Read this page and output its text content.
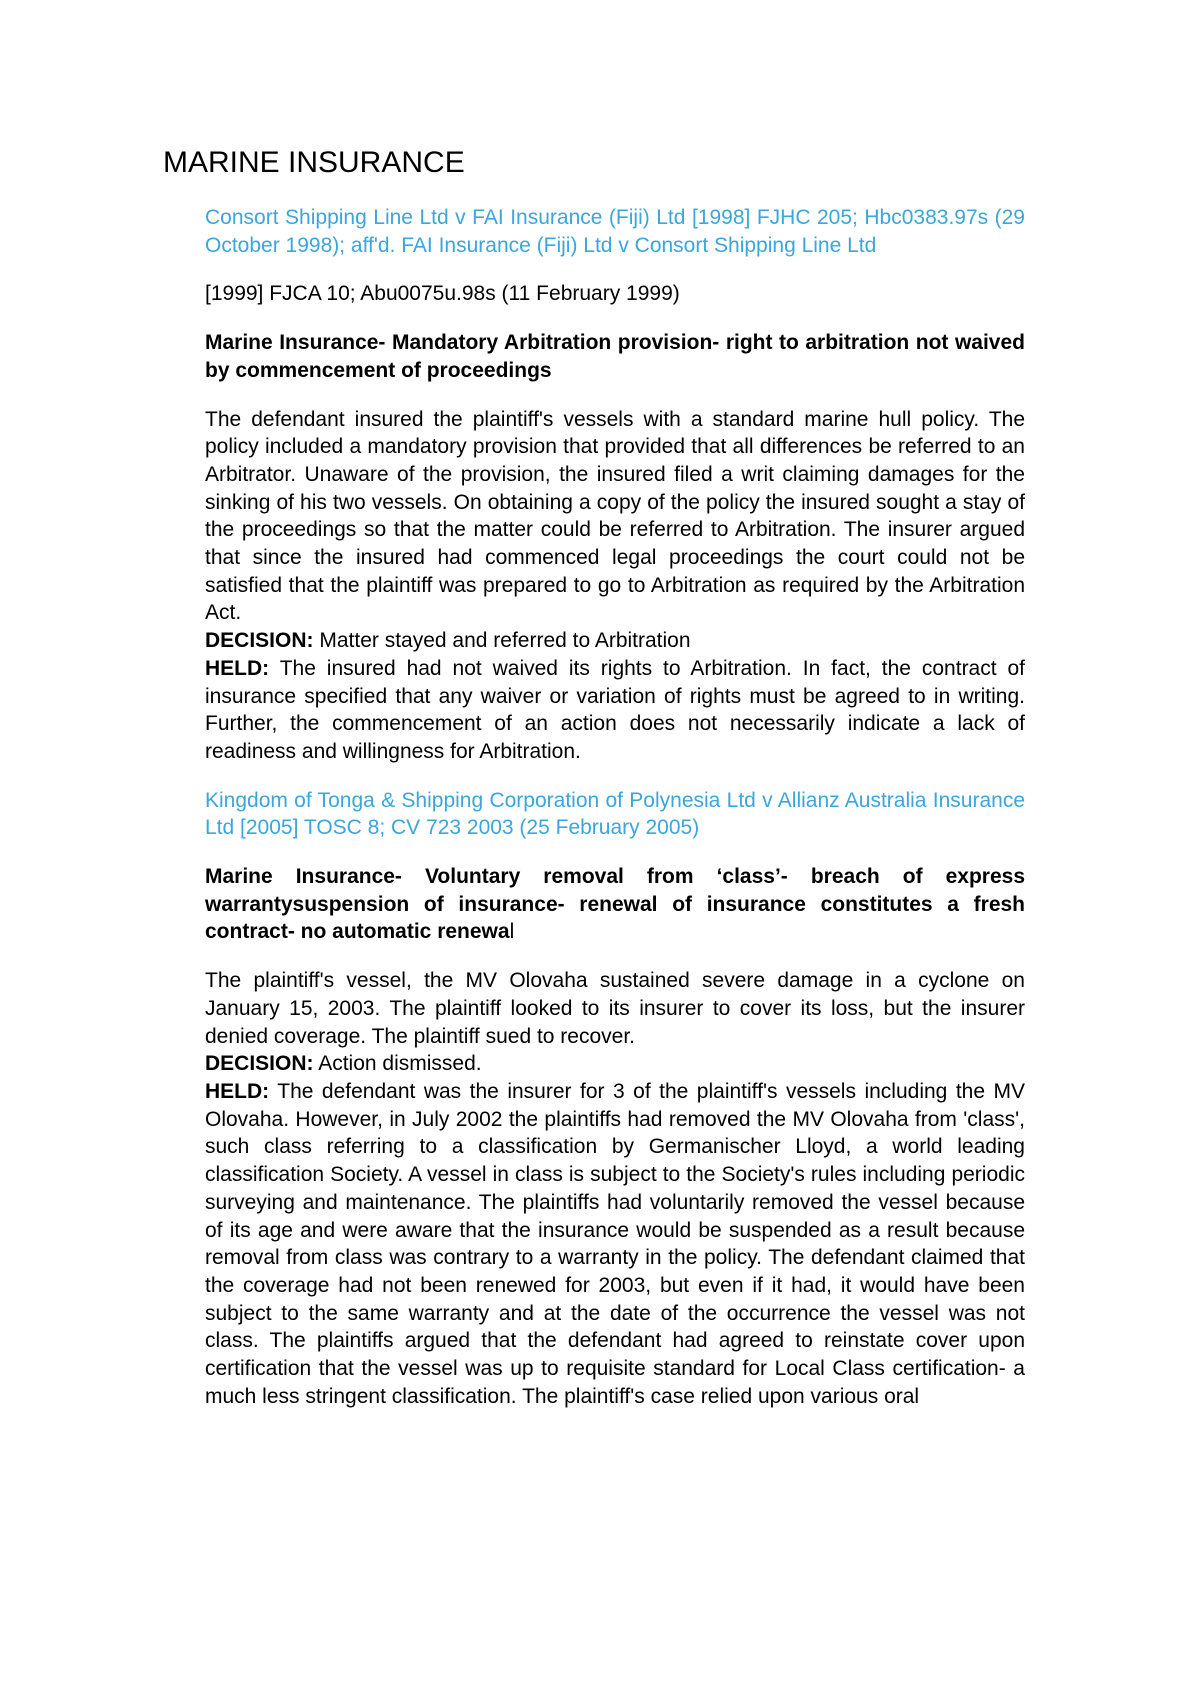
MARINE INSURANCE

Consort Shipping Line Ltd v FAI Insurance (Fiji) Ltd [1998] FJHC 205; Hbc0383.97s (29 October 1998); aff'd. FAI Insurance (Fiji) Ltd v Consort Shipping Line Ltd

[1999] FJCA 10; Abu0075u.98s (11 February 1999)

Marine Insurance- Mandatory Arbitration provision- right to arbitration not waived by commencement of proceedings

The defendant insured the plaintiff's vessels with a standard marine hull policy. The policy included a mandatory provision that provided that all differences be referred to an Arbitrator. Unaware of the provision, the insured filed a writ claiming damages for the sinking of his two vessels. On obtaining a copy of the policy the insured sought a stay of the proceedings so that the matter could be referred to Arbitration. The insurer argued that since the insured had commenced legal proceedings the court could not be satisfied that the plaintiff was prepared to go to Arbitration as required by the Arbitration Act.

DECISION: Matter stayed and referred to Arbitration

HELD: The insured had not waived its rights to Arbitration. In fact, the contract of insurance specified that any waiver or variation of rights must be agreed to in writing. Further, the commencement of an action does not necessarily indicate a lack of readiness and willingness for Arbitration.

Kingdom of Tonga & Shipping Corporation of Polynesia Ltd v Allianz Australia Insurance Ltd [2005] TOSC 8; CV 723 2003 (25 February 2005)

Marine Insurance- Voluntary removal from ‘class’- breach of express warrantysuspension of insurance- renewal of insurance constitutes a fresh contract- no automatic renewal

The plaintiff's vessel, the MV Olovaha sustained severe damage in a cyclone on January 15, 2003. The plaintiff looked to its insurer to cover its loss, but the insurer denied coverage. The plaintiff sued to recover.

DECISION: Action dismissed.

HELD: The defendant was the insurer for 3 of the plaintiff's vessels including the MV Olovaha. However, in July 2002 the plaintiffs had removed the MV Olovaha from 'class', such class referring to a classification by Germanischer Lloyd, a world leading classification Society. A vessel in class is subject to the Society's rules including periodic surveying and maintenance. The plaintiffs had voluntarily removed the vessel because of its age and were aware that the insurance would be suspended as a result because removal from class was contrary to a warranty in the policy. The defendant claimed that the coverage had not been renewed for 2003, but even if it had, it would have been subject to the same warranty and at the date of the occurrence the vessel was not class. The plaintiffs argued that the defendant had agreed to reinstate cover upon certification that the vessel was up to requisite standard for Local Class certification- a much less stringent classification. The plaintiff's case relied upon various oral
